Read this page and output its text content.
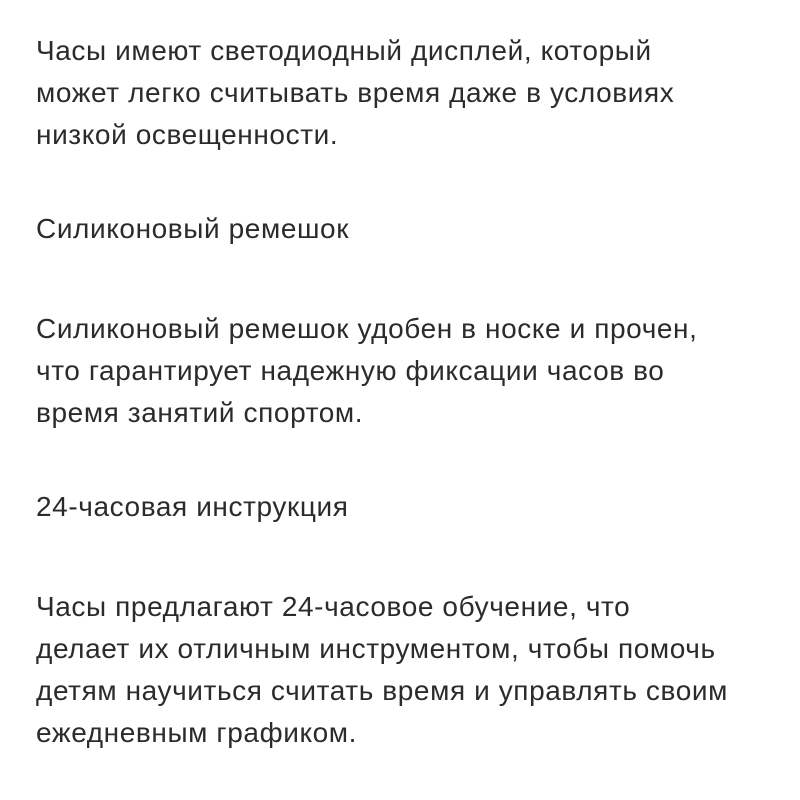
Часы имеют светодиодный дисплей, который
может легко считывать время даже в условиях
низкой освещенности.

Силиконовый ремешок

Силиконовый ремешок удобен в носке и прочен,
что гарантирует надежную фиксации часов во
время занятий спортом.

24-часовая инструкция

Часы предлагают 24-часовое обучение, что
делает их отличным инструментом, чтобы помочь
детям научиться считать время и управлять своим
ежедневным графиком.
